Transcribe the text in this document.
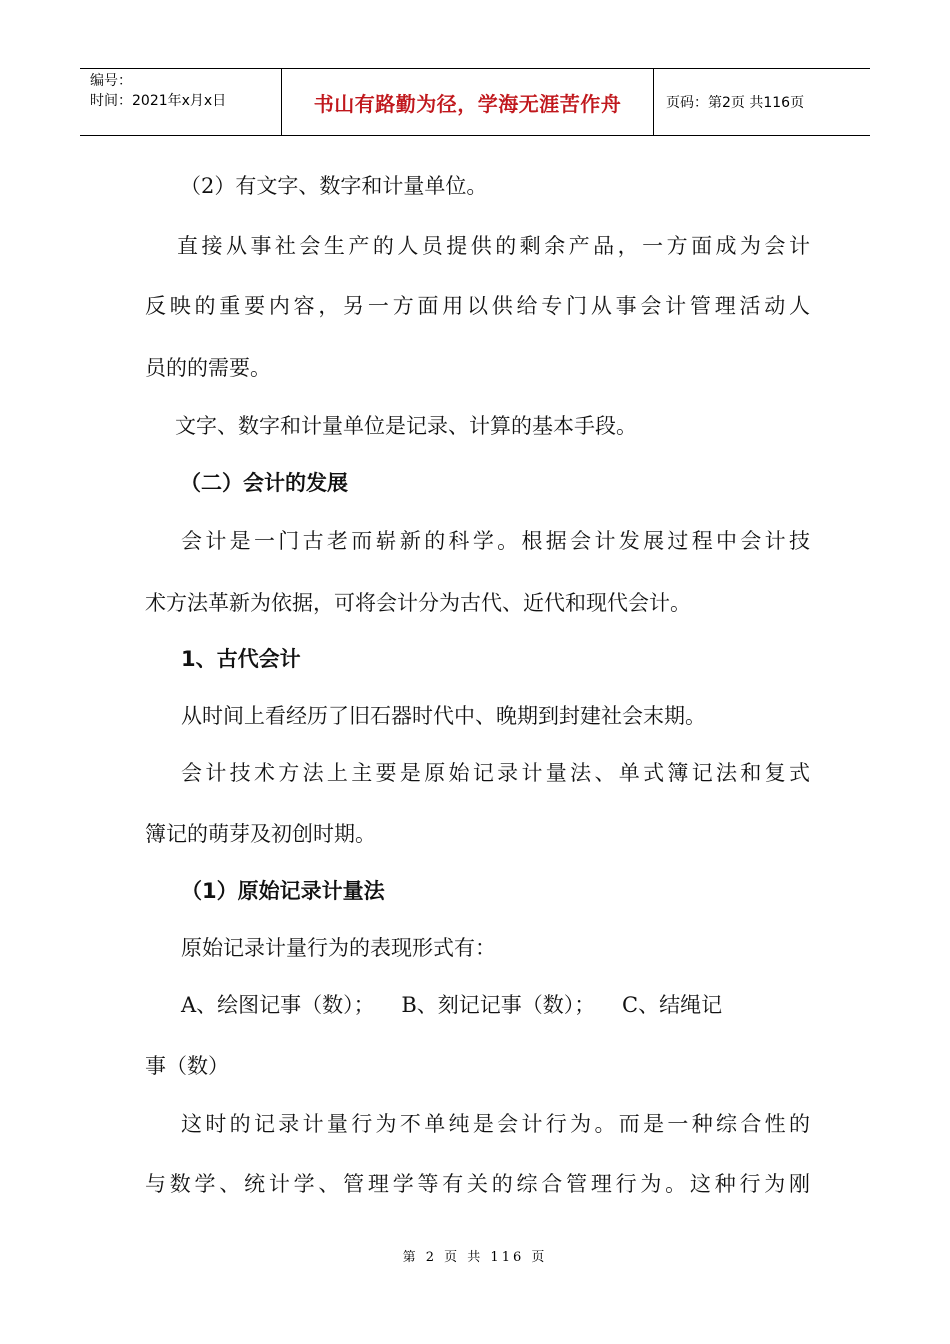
编号：
时间：2021年x月x日	书山有路勤为径，学海无涯苦作舟	页码：第2页 共116页
（2）有文字、数字和计量单位。
直接从事社会生产的人员提供的剩余产品，一方面成为会计
反映的重要内容，另一方面用以供给专门从事会计管理活动人
员的的需要。
文字、数字和计量单位是记录、计算的基本手段。
（二）会计的发展
会计是一门古老而崭新的科学。根据会计发展过程中会计技
术方法革新为依据，可将会计分为古代、近代和现代会计。
1、古代会计
从时间上看经历了旧石器时代中、晚期到封建社会末期。
会计技术方法上主要是原始记录计量法、单式簿记法和复式
簿记的萌芽及初创时期。
（1）原始记录计量法
原始记录计量行为的表现形式有：
A、绘图记事（数）；    B、刻记记事（数）；    C、结绳记
事（数）
这时的记录计量行为不单纯是会计行为。而是一种综合性的
与数学、统计学、管理学等有关的综合管理行为。这种行为刚
第 2 页 共 116 页
